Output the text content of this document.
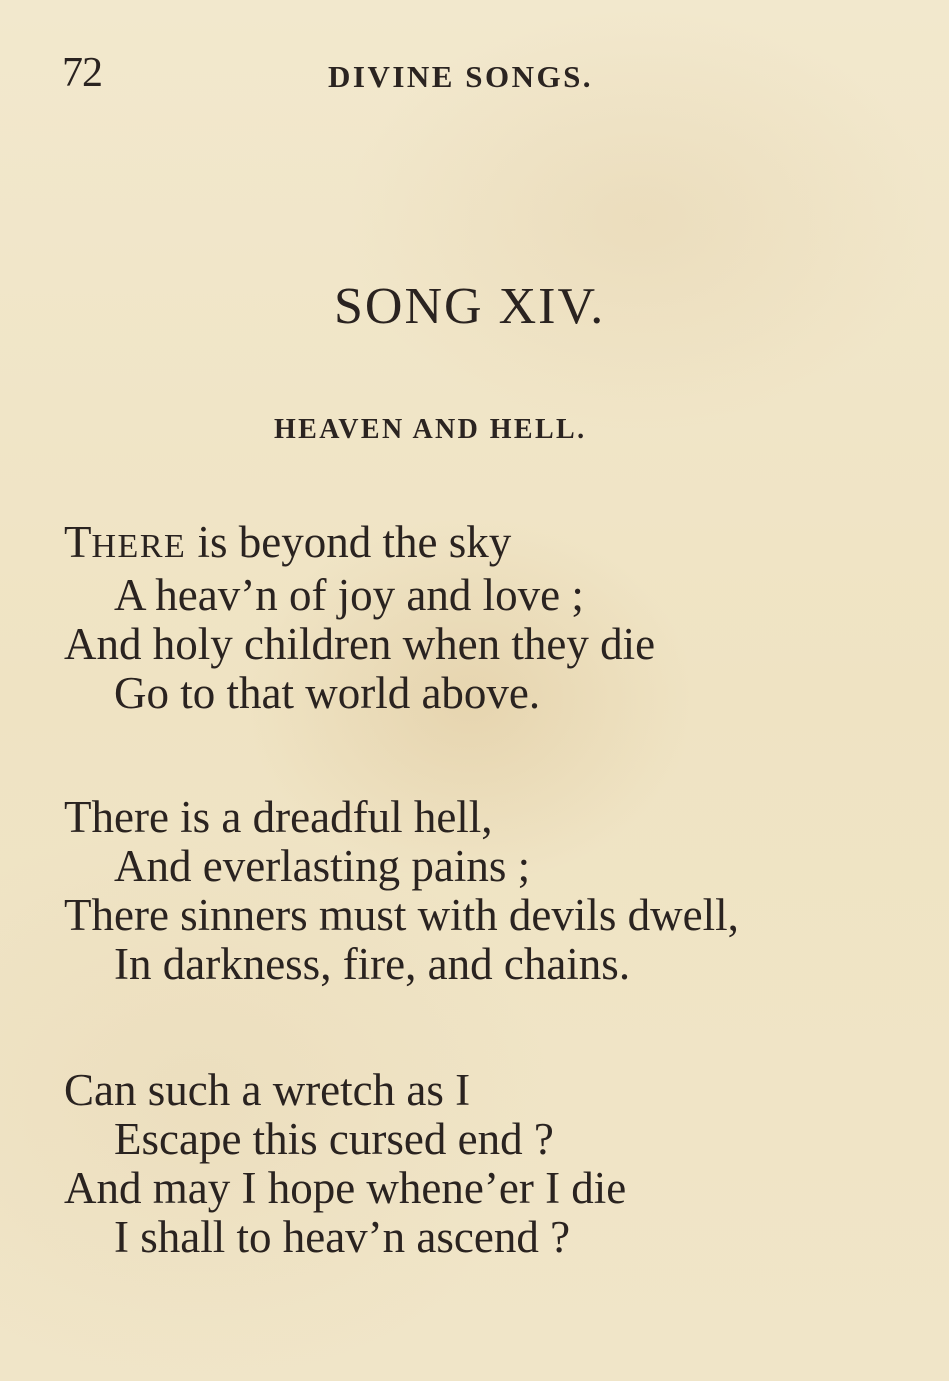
72	DIVINE SONGS.
SONG XIV.
HEAVEN AND HELL.
THERE is beyond the sky
A heav’n of joy and love ;
And holy children when they die
Go to that world above.
There is a dreadful hell,
And everlasting pains ;
There sinners must with devils dwell,
In darkness, fire, and chains.
Can such a wretch as I
Escape this cursed end ?
And may I hope whene’er I die
I shall to heav’n ascend ?
